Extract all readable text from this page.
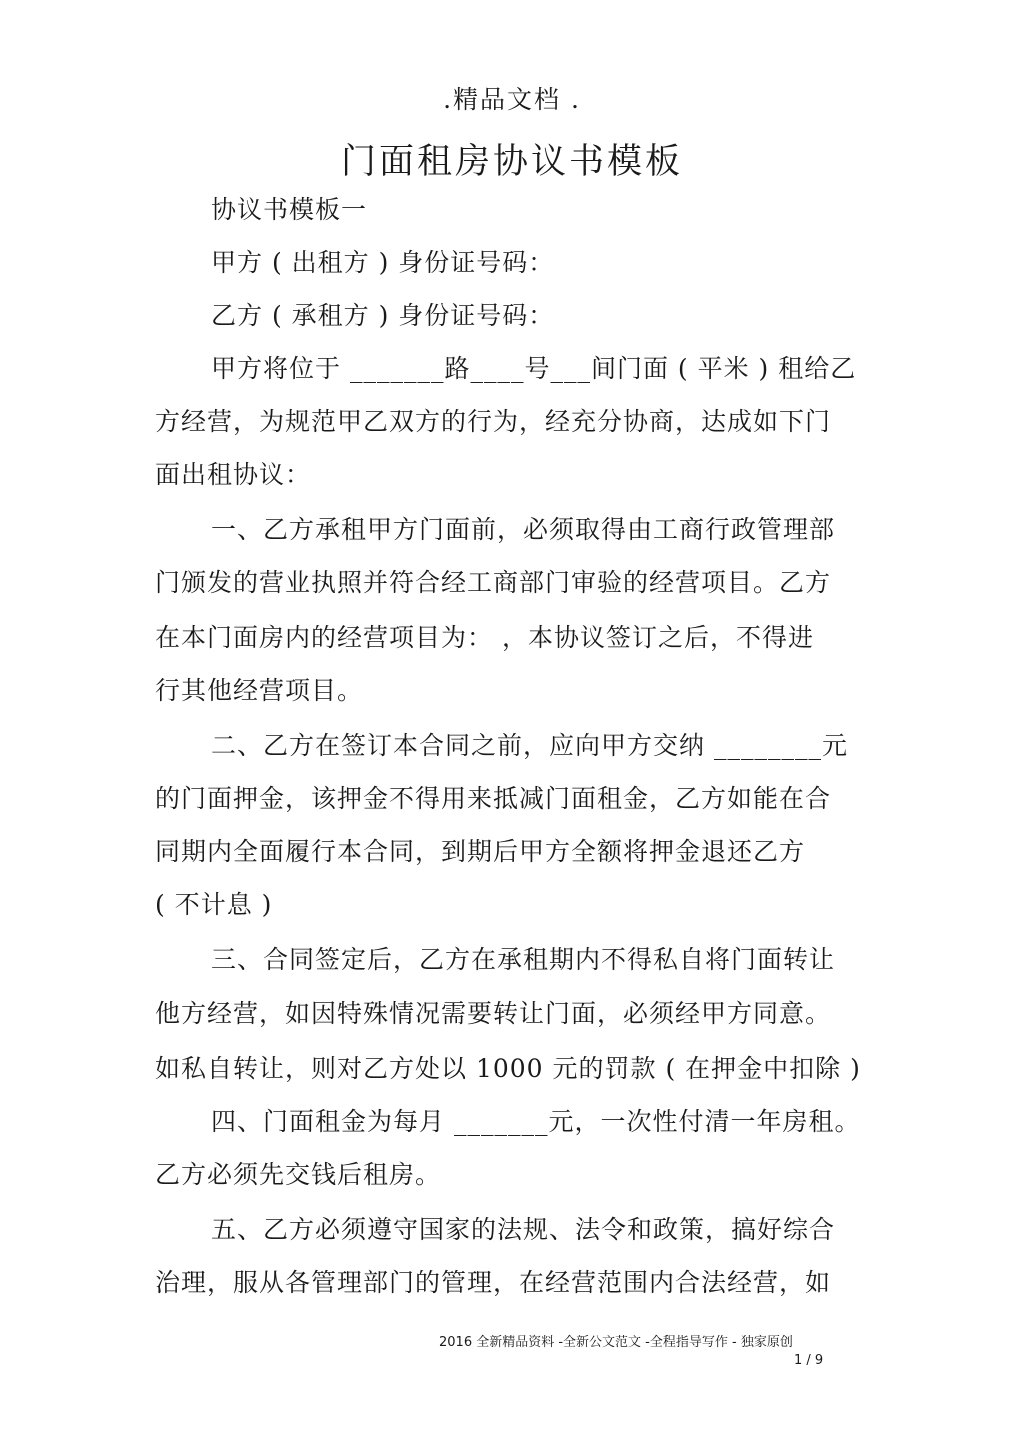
.精品文档 .
门面租房协议书模板
协议书模板一
甲方 ( 出租方 ) 身份证号码：
乙方 ( 承租方 ) 身份证号码：
甲方将位于 _______路____号___间门面 ( 平米 ) 租给乙
方经营，为规范甲乙双方的行为，经充分协商，达成如下门
面出租协议：
一、乙方承租甲方门面前，必须取得由工商行政管理部
门颁发的营业执照并符合经工商部门审验的经营项目。乙方
在本门面房内的经营项目为： ，本协议签订之后，不得进
行其他经营项目。
二、乙方在签订本合同之前，应向甲方交纳 ________元
的门面押金，该押金不得用来抵减门面租金，乙方如能在合
同期内全面履行本合同，到期后甲方全额将押金退还乙方
( 不计息 )
三、合同签定后，乙方在承租期内不得私自将门面转让
他方经营，如因特殊情况需要转让门面，必须经甲方同意。
如私自转让，则对乙方处以 1000 元的罚款 ( 在押金中扣除 )
四、门面租金为每月 _______元，一次性付清一年房租。
乙方必须先交钱后租房。
五、乙方必须遵守国家的法规、法令和政策，搞好综合
治理，服从各管理部门的管理，在经营范围内合法经营，如
2016 全新精品资料 -全新公文范文 -全程指导写作 - 独家原创
1 / 9
